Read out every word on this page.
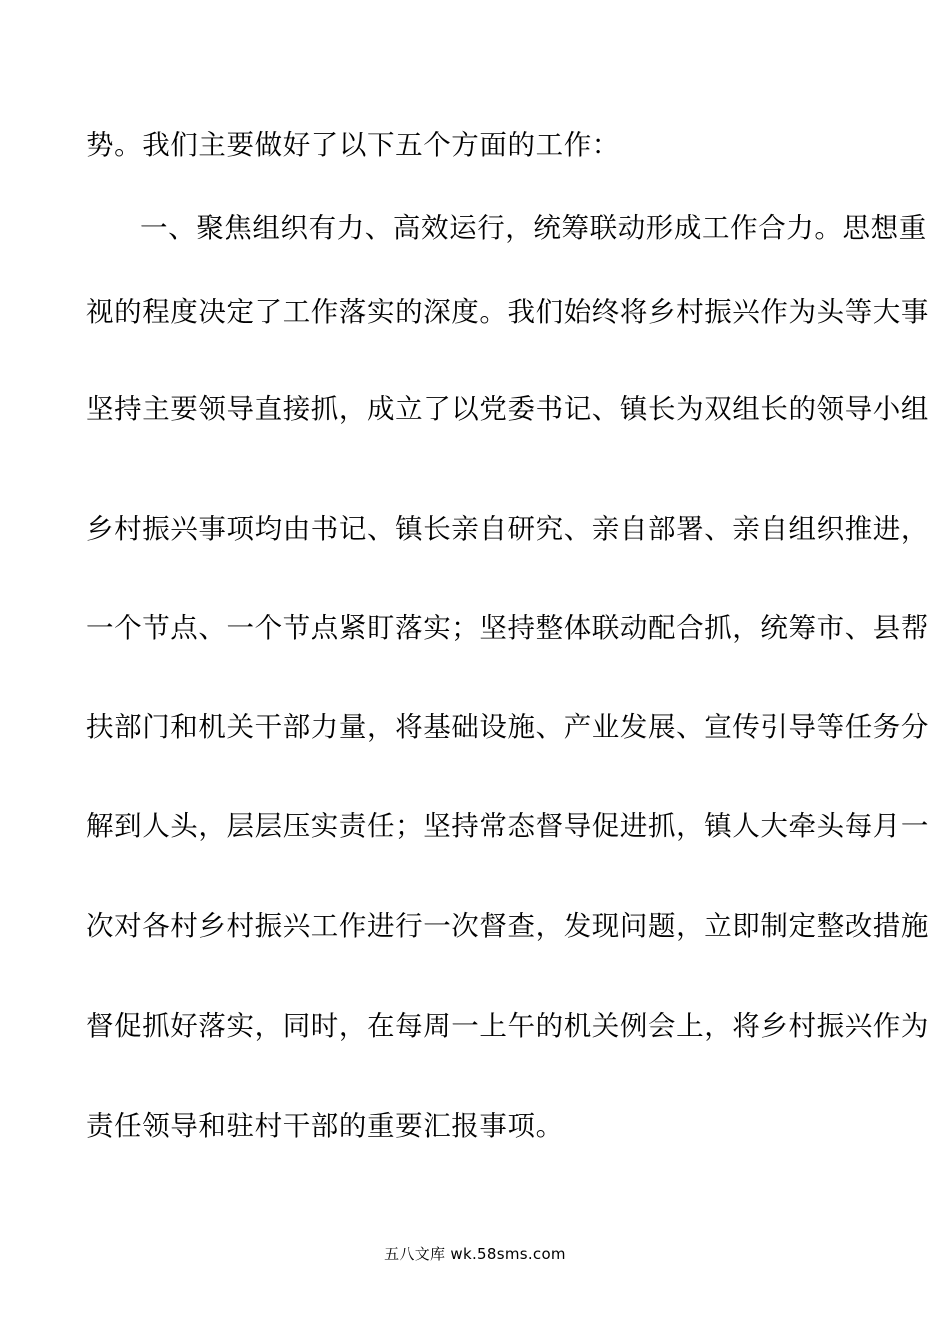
势。我们主要做好了以下五个方面的工作：
一、聚焦组织有力、高效运行，统筹联动形成工作合力。思想重
视的程度决定了工作落实的深度。我们始终将乡村振兴作为头等大事
坚持主要领导直接抓，成立了以党委书记、镇长为双组长的领导小组
乡村振兴事项均由书记、镇长亲自研究、亲自部署、亲自组织推进，
一个节点、一个节点紧盯落实；坚持整体联动配合抓，统筹市、县帮
扶部门和机关干部力量，将基础设施、产业发展、宣传引导等任务分
解到人头，层层压实责任；坚持常态督导促进抓，镇人大牵头每月一
次对各村乡村振兴工作进行一次督查，发现问题，立即制定整改措施
督促抓好落实，同时，在每周一上午的机关例会上，将乡村振兴作为
责任领导和驻村干部的重要汇报事项。
五八文库 wk.58sms.com
